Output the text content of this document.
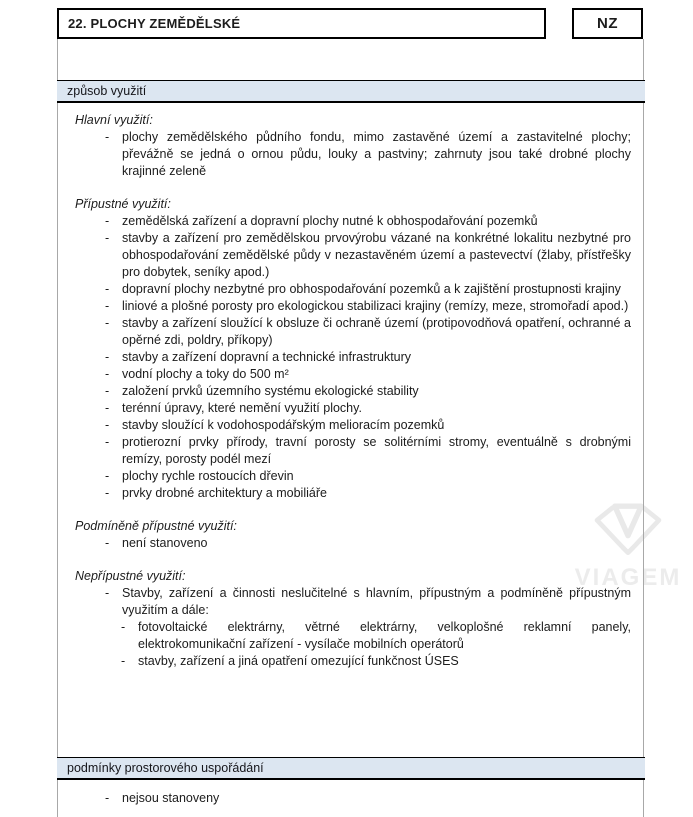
VIAGEM
22. PLOCHY ZEMĚDĚLSKÉ	NZ
způsob využití
Hlavní využití:
-	plochy zemědělského půdního fondu, mimo zastavěné území a zastavitelné plochy; převážně se jedná o ornou půdu, louky a pastviny; zahrnuty jsou také drobné plochy krajinné zeleně
Přípustné využití:
-	zemědělská zařízení a dopravní plochy nutné k obhospodařování pozemků
-	stavby a zařízení pro zemědělskou prvovýrobu vázané na konkrétné lokalitu nezbytné pro obhospodařování zemědělské půdy v nezastavěném území a pastevectví (žlaby, přístřešky pro dobytek, seníky apod.)
-	dopravní plochy nezbytné pro obhospodařování pozemků a k zajištění prostupnosti krajiny
-	liniové a plošné porosty pro ekologickou stabilizaci krajiny (remízy, meze, stromořadí apod.)
-	stavby a zařízení sloužící k obsluze či ochraně území (protipovodňová opatření, ochranné a opěrné zdi, poldry, příkopy)
-	stavby a zařízení dopravní a technické infrastruktury
-	vodní plochy a toky do 500 m²
-	založení prvků územního systému ekologické stability
-	terénní úpravy, které nemění využití plochy.
-	stavby sloužící k vodohospodářským melioracím pozemků
-	protierozní prvky přírody, travní porosty se solitérními stromy, eventuálně s drobnými remízy, porosty podél mezí
-	plochy rychle rostoucích dřevin
-	prvky drobné architektury a mobiliáře
Podmíněně přípustné využití:
-	není stanoveno
Nepřípustné využití:
-	Stavby, zařízení a činnosti neslučitelné s hlavním, přípustným a podmíněně přípustným využitím a dále:
-	fotovoltaické elektrárny, větrné elektrárny, velkoplošné reklamní panely, elektrokomunikační zařízení - vysílače mobilních operátorů
-	stavby, zařízení a jiná opatření omezující funkčnost ÚSES
podmínky prostorového uspořádání
-	nejsou stanoveny
